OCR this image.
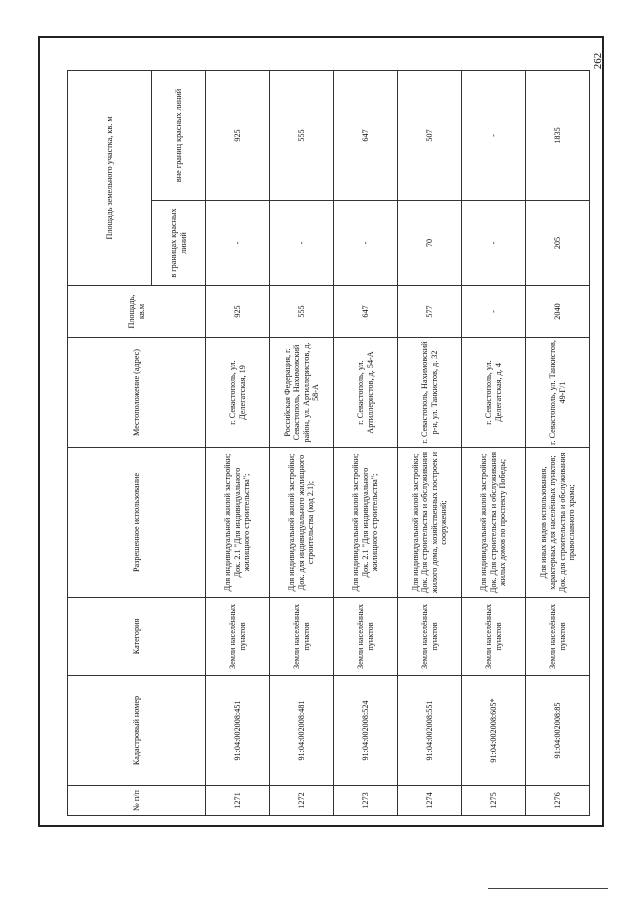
262
№ п/п	Кадастровый номер	Категория	Разрешенное использование	Местоположение (адрес)	Площадь, кв.м	Площадь земельного участка, кв. м	
						в границах красных линий	вне границ красных линий
1271	91:04:002008:451	Земли населённых пунктов	Для индивидуальной жилой застройки; Док. 2.1 "Для индивидуального жилищного строительства";	г. Севастополь, ул. Делегатская, 19	925	-	925
1272	91:04:002008:481	Земли населённых пунктов	Для индивидуальной жилой застройки; Док. для индивидуального жилищного строительства (код 2.1);	Российская Федерация, г. Севастополь, Нахимовский район, ул. Артиллеристов, д. 58-А	555	-	555
1273	91:04:002008:524	Земли населённых пунктов	Для индивидуальной жилой застройки; Док. 2.1 "Для индивидуального жилищного строительства";	г. Севастополь, ул. Артиллеристов, д. 54-А	647	-	647
1274	91:04:002008:551	Земли населённых пунктов	Для индивидуальной жилой застройки; Док. Для строительства и обслуживания жилого дома, хозяйственных построек и сооружений;	г. Севастополь, Нахимовский р-н, ул. Танкистов, д. 32	577	70	507
1275	91:04:002008:605*	Земли населённых пунктов	Для индивидуальной жилой застройки; Док. Для строительства и обслуживания жилых домов по проспекту Победы;	г. Севастополь, ул. Делегатская, д. 4	-	-	-
1276	91:04:002008:85	Земли населённых пунктов	Для иных видов использования, характерных для населённых пунктов; Док. для строительства и обслуживания православного храма;	г. Севастополь, ул. Танкистов, 49-Г/1	2040	205	1835
